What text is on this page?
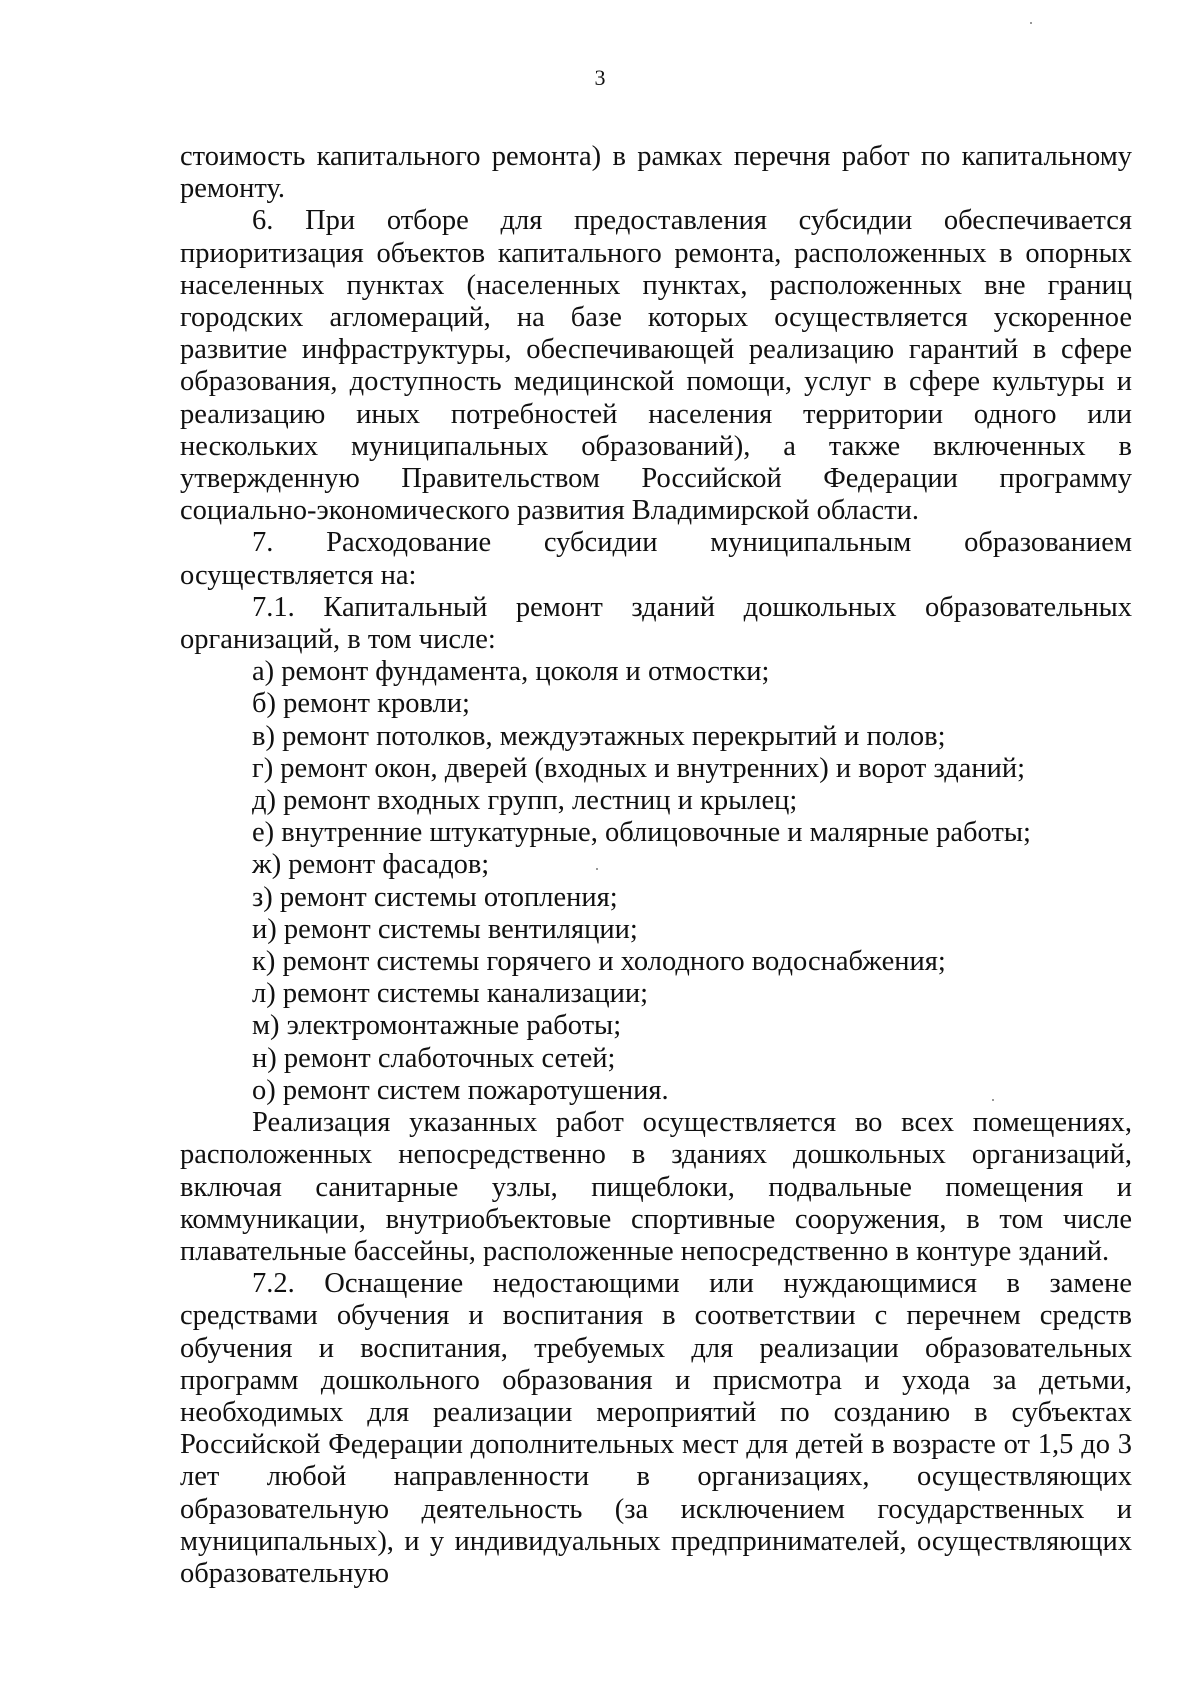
3

стоимость капитального ремонта) в рамках перечня работ по капитальному ремонту.

6. При отборе для предоставления субсидии обеспечивается приоритизация объектов капитального ремонта, расположенных в опорных населенных пунктах (населенных пунктах, расположенных вне границ городских агломераций, на базе которых осуществляется ускоренное развитие инфраструктуры, обеспечивающей реализацию гарантий в сфере образования, доступность медицинской помощи, услуг в сфере культуры и реализацию иных потребностей населения территории одного или нескольких муниципальных образований), а также включенных в утвержденную Правительством Российской Федерации программу социально-экономического развития Владимирской области.

7. Расходование субсидии муниципальным образованием осуществляется на:

7.1. Капитальный ремонт зданий дошкольных образовательных организаций, в том числе:

а) ремонт фундамента, цоколя и отмостки;

б) ремонт кровли;

в) ремонт потолков, междуэтажных перекрытий и полов;

г) ремонт окон, дверей (входных и внутренних) и ворот зданий;

д) ремонт входных групп, лестниц и крылец;

е) внутренние штукатурные, облицовочные и малярные работы;

ж) ремонт фасадов;

з) ремонт системы отопления;

и) ремонт системы вентиляции;

к) ремонт системы горячего и холодного водоснабжения;

л) ремонт системы канализации;

м) электромонтажные работы;

н) ремонт слаботочных сетей;

о) ремонт систем пожаротушения.

Реализация указанных работ осуществляется во всех помещениях, расположенных непосредственно в зданиях дошкольных организаций, включая санитарные узлы, пищеблоки, подвальные помещения и коммуникации, внутриобъектовые спортивные сооружения, в том числе плавательные бассейны, расположенные непосредственно в контуре зданий.

7.2. Оснащение недостающими или нуждающимися в замене средствами обучения и воспитания в соответствии с перечнем средств обучения и воспитания, требуемых для реализации образовательных программ дошкольного образования и присмотра и ухода за детьми, необходимых для реализации мероприятий по созданию в субъектах Российской Федерации дополнительных мест для детей в возрасте от 1,5 до 3 лет любой направленности в организациях, осуществляющих образовательную деятельность (за исключением государственных и муниципальных), и у индивидуальных предпринимателей, осуществляющих образовательную
